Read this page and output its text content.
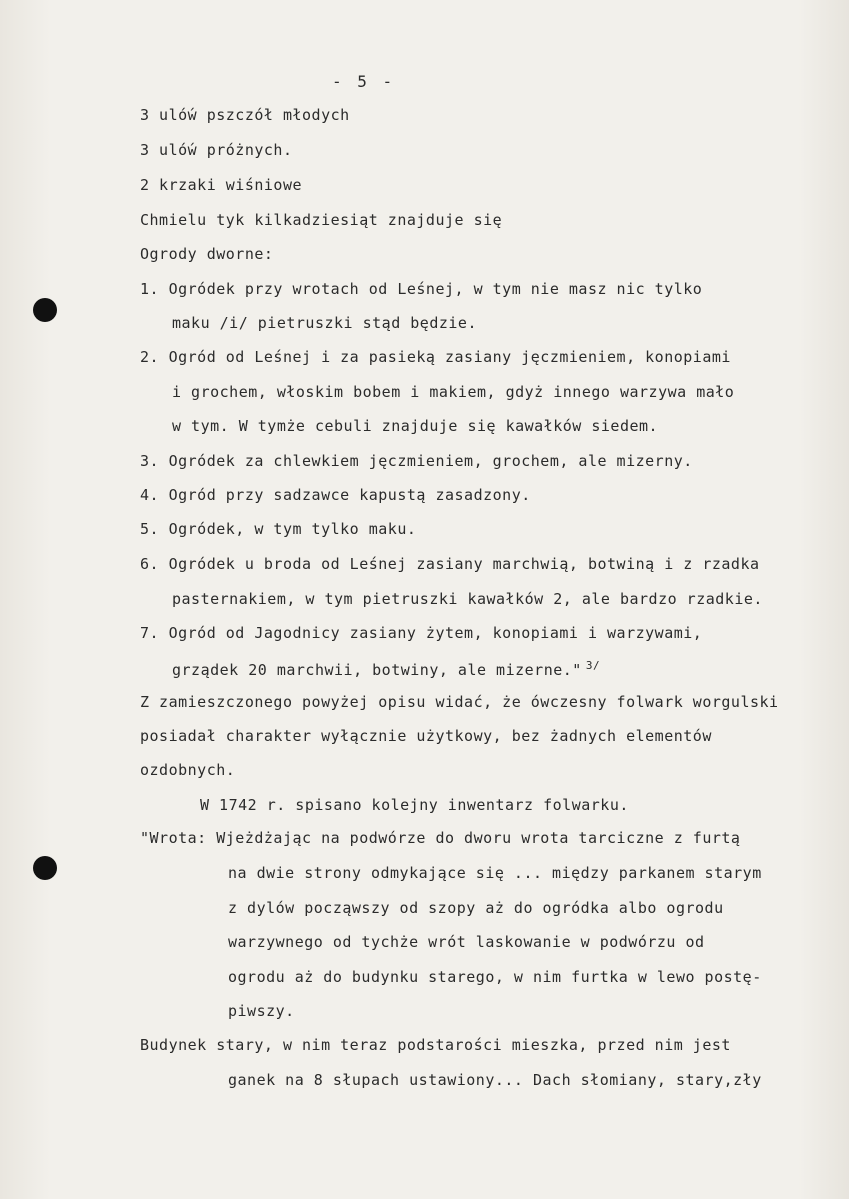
- 5 -
3 uló́w pszczół młodych
3 uló́w próżnych.
2 krzaki wiśniowe
Chmielu tyk kilkadziesiąt znajduje się
Ogrody dworne:
1. Ogródek przy wrotach od Leśnej, w tym nie masz nic tylko
maku /i/ pietruszki stąd będzie.
2. Ogród od Leśnej i za pasieką zasiany jęczmieniem, konopiami
i grochem, włoskim bobem i makiem, gdyż innego warzywa mało
w tym. W tymże cebuli znajduje się kawałków siedem.
3. Ogródek za chlewkiem jęczmieniem, grochem, ale mizerny.
4. Ogród przy sadzawce kapustą zasadzony.
5. Ogródek, w tym tylko maku.
6. Ogródek u broda od Leśnej zasiany marchwią, botwiną i z rzadka
pasternakiem, w tym pietruszki kawałków 2, ale bardzo rzadkie.
7. Ogród od Jagodnicy zasiany żytem, konopiami i warzywami,
grządek 20 marchwii, botwiny, ale mizerne." $^{3/}$
Z zamieszczonego powyżej opisu widać, że ówczesny folwark worgulski
posiadał charakter wyłącznie użytkowy, bez żadnych elementów
ozdobnych.
W 1742 r. spisano kolejny inwentarz folwarku.
"Wrota: Wjeżdżając na podwórze do dworu wrota tarciczne z furtą
na dwie strony odmykające się ... między parkanem starym
z dylów począwszy od szopy aż do ogródka albo ogrodu
warzywnego od tychże wrót laskowanie w podwórzu od
ogrodu aż do budynku starego, w nim furtka w lewo postę-
piwszy.
Budynek stary, w nim teraz podstarości mieszka, przed nim jest
ganek na 8 słupach ustawiony... Dach słomiany, stary,zły
